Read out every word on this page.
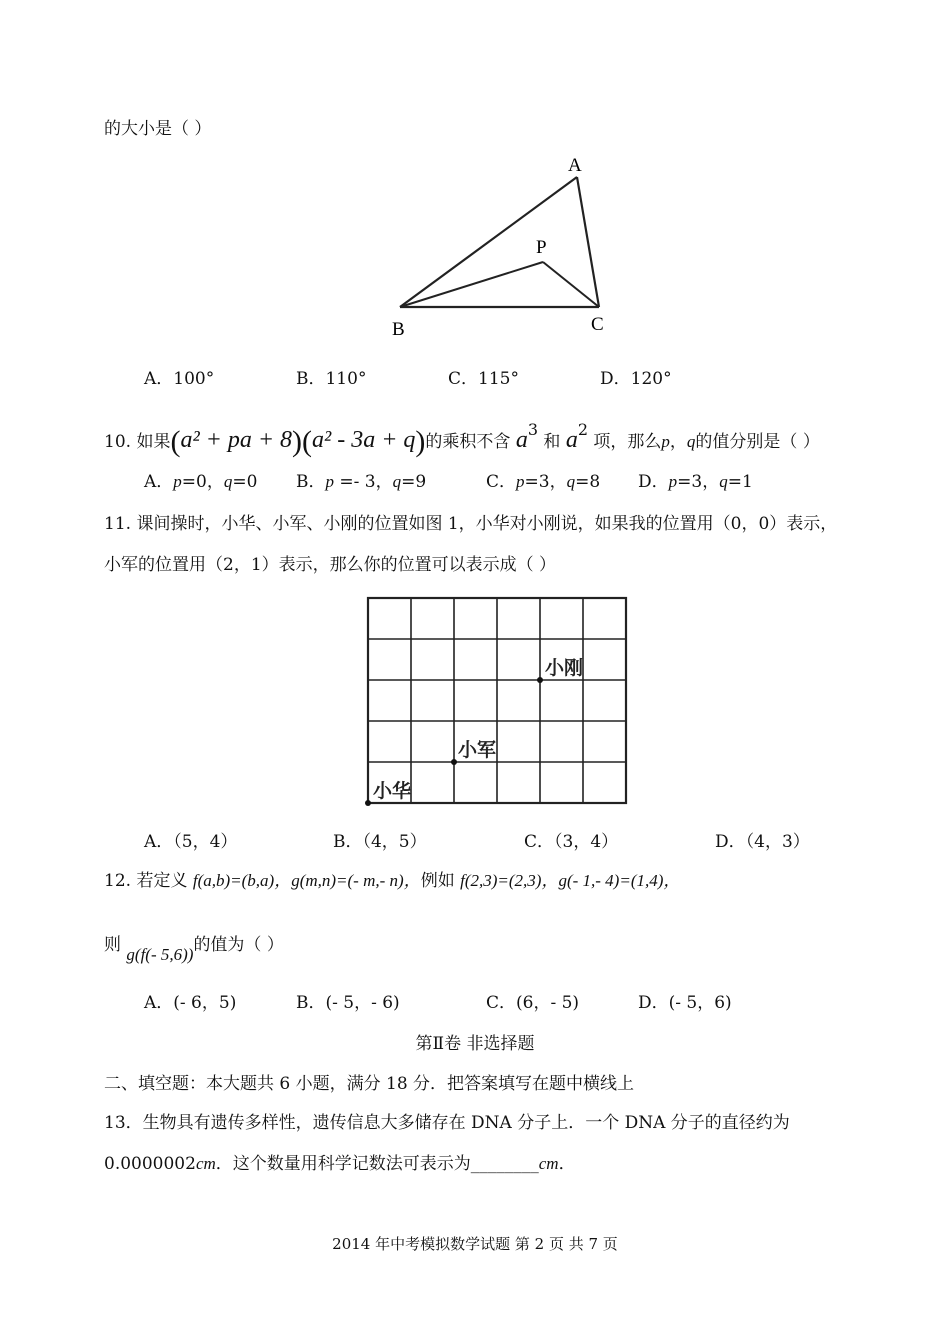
的大小是（ ）
A
P
B	C
A．100°	B．110°	C．115°	D．120°
10. 如果(a² + pa + 8)(a² - 3a + q)的乘积不含 a3 和 a2 项，那么p，q的值分别是（ ）
A．p=0，q=0 B．p =- 3，q=9	C．p=3，q=8 D．p=3，q=1
11. 课间操时，小华、小军、小刚的位置如图 1，小华对小刚说，如果我的位置用（0，0）表示，
小军的位置用（2，1）表示，那么你的位置可以表示成（ ）
小刚
小军
小华
A．（5，4）	B．（4，5）	C．（3，4）	D．（4，3）
12. 若定义 f(a,b)=(b,a)，g(m,n)=(- m,- n)，例如 f(2,3)=(2,3)，g(- 1,- 4)=(1,4)，
则 g(f(- 5,6))的值为（ ）
A．(- 6，5)	B．(- 5，- 6)	C．(6，- 5)	D．(- 5，6)
第Ⅱ卷 非选择题
二、填空题：本大题共 6 小题，满分 18 分．把答案填写在题中横线上
13．生物具有遗传多样性，遗传信息大多储存在 DNA 分子上．一个 DNA 分子的直径约为
0.0000002cm．这个数量用科学记数法可表示为________cm．
2014 年中考模拟数学试题 第 2 页 共 7 页
